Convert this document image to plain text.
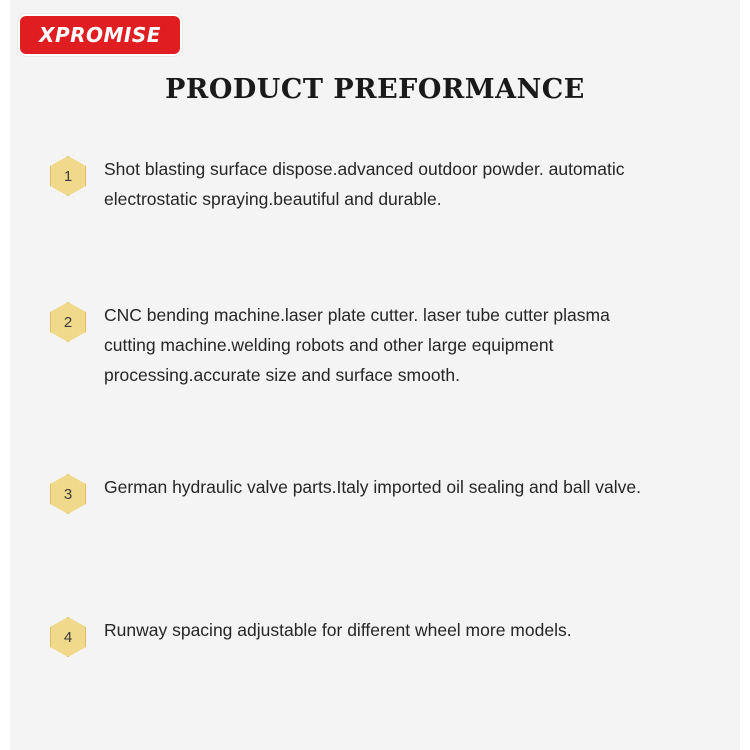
XPROMISE
PRODUCT PREFORMANCE
1	Shot blasting surface dispose.advanced outdoor powder. automatic electrostatic spraying.beautiful and durable.
2	CNC bending machine.laser plate cutter. laser tube cutter plasma cutting machine.welding robots and other large equipment processing.accurate size and surface smooth.
3	German hydraulic valve parts.Italy imported oil sealing and ball valve.
4	Runway spacing adjustable for different wheel more models.
